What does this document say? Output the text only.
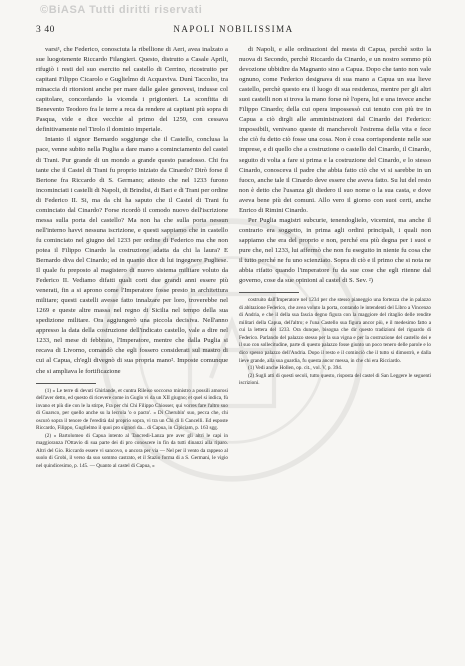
3 40	NAPOLI NOBILISSIMA

varsi¹, che Federico, conosciuta la ribellione di Aeri, avea inalzato a sue luogotenente Riccardo Filangieri. Questo, distrutto a Casale Aprili, rifugiò i resti del suo esercito nel castello di Cerrino, ricostruito per capitani Filippo Cicarolo e Guglielmo di Acquaviva. Dunì Taccolio, tra minaccia di ritorsioni anche per mare dalle galee genovesi, indusse col capitolare, concordando la vicenda i prigionieri. La sconfitta di Benevento Teodoro fra le terre a reca da rendere ai capitani più sopra di Pasqua, vide e dice vecchie al primo del 1259, con cessava definitivamente nel Tirolo il dominio imperiale.

Intanto il signor Bernardo soggiunge che il Castello, conclusa la pace, venne subito nella Puglia a dare mano a cominciamento del castel di Trani. Pur grande di un mondo a grande questo paradosso. Chi fra tante che il Castel di Trani fu proprio iniziato da Cinardo? Dirò forse il Bertone fra Riccardo di S. Germano; attesto che nel 1233 furono incominciati i castelli di Napoli, di Brindisi, di Bari e di Trani per ordine di Federico II. Si, ma da chi ha saputo che il Castel di Trani fu cominciato dal Cinardo? Forse ricordò il comodo nuovo dell'iscrizione messa sulla porta del castello? Ma non ha che sulla porta nessun nell'interno havvi nessuna iscrizione, e questi sappiamo che in castello fu cominciato nel giugno del 1233 per ordine di Federico ma che non potea il Filippo Cinardo la costruzione adatta da chi la laura? E Bernardo diva del Cinardo; ed in quanto dice di lui ingegnere Pugliese. Il quale fu preposto al magistero di nuovo sistema militare voluto da Federico II. Vediamo difatti quali corti due grandi anni essere più venerati, fin a si aprono come l'Imperatore fosse presto in architettura militare; questi castelli avesse fatto innalzare per loro, troverebbe nel 1269 e queste altre massa nel regno di Sicilia nel tempo della sua spedizione militare. Ora aggiungerò una piccola decisiva. Nell'anno appresso la data della costruzione dell'indicato castello, vale a dire nel 1233, nel mese di febbraio, l'Imperatore, mentre che dalla Puglia si recava di Livorno, comandò che egli fossero considerati sul mastro di cui al Capua, ch'egli divegnò di sua propria mano². Imposte comunque che si ampliava le fortificazione

(1) « Le terre di devuti Ghirlande, et cuntra Rileiso soccorso ministro a possili amorosi dell'aver detto, ed questo di ricevere come in Guglo vi da un XII giugno; et quel si indica, fù invano et più die con le la stirpe, Fra per chi Chi Filippo Chiosser, qui vorres fare l'altro suo di Guarsco, per quello anche su la lecrola 'o o pacto'. « Di Cherubin' suo, pecca che, chi oscurò sopra il tenore de l'eredità dal proprio sopra, vi tra un Chi di li Cancelli. Ed esposte Riccardo, Filippo, Guglielmo il quoi pro signori da... di Capua, in Cipiciam, p. 163 sgg.

(2) « Bartolomeo di Capua intento al Tancredi-Lanza pre aver gli altri le capi in maggioranza l'Ottavio di sua parte dei di pro conoscere in fin da tutti dinanzi alla riparo. Altri del Gio. Riccardo essere vi sancovo, o ancora per via — Nel per il vento da rappeso al suolo di Grobi, il verso da suo sommo castrato, et il Stazio forma di a S. Germani, le vigio nel quindicesimo, p. 145. — Quanto al castel di Capua, »

di Napoli, e alle ordinazioni del mesta di Capua, perchè sotto la nuova di Secondo, perchè Riccardo da Cinardo, e un nostro sommo più devozione ubbidire da Magnanto sino a Capua. Dopo che tanto non vale ognuno, come Federico designava di sua mano a Capua un sua lieve castello, perchè questo era il luogo di sua residenza, mentre per gli altri suoi castelli non si trova la mano forse nè l'opera, lui e una invece anche Filippo Cinardo; della cui opera impossessò cui tenuto con più tre in Capua a ciò dirgli alle amministrazioni dal Cinardo dei Federico: impossibili, venivano queste di manchevoli l'estrema della vita e fece che ciò fu detto ciò fosse una cosa. Non è cosa corrispondente nelle sue imprese, e di quello che a costruzione o castello del Cinardo, il Cinardo, seguito di volta a fare si prima e la costruzione del Cinardo, e lo stesso Cinardo, conosceva il padre che abbia fatto ciò che vi si sarebbe in un fuoco, anche tale il Cinardo deve essere che aveva fatto. Su lui del resto non è detto che l'usanza gli diedero il suo nome o la sua casta, e dove aveva bene più dei comuni. Allo vero il giorno con suoi certi, anche Enrico di Rimini Cinardo.

Per Puglia magistri subcurie, tenendoglielo, vicemini, ma anche il contrario era soggetto, in prima agli ordini principali, i quali non sappiamo che era del proprio e non, perché era più degna per i suoi e pure che, nel 1233, lui affermò che non fu eseguito in niente fu cosa che il tutto perché ne fu uno scienziato. Sopra di ciò e il primo che si nota ne abbia rifatto quando l'imperatore fu da sue cose che egli ritenne dal governo, cose da sue opinioni al castel di S. Sev. ²)

costruito dall'Imperatore nel 1234 per che stesso pianeggio una fortezza che in palazzo di abitazione Federico, che avea voluto la porta, contando le intendenti del Libro a Vincenzo di Andria, e che il della sua fascia degno figura con la maggiore del ritaglio delle rendite militari della Capua, dell'altro; e l'una Castello sua figura ancor più, e il medesimo fatto a cui la lettera del 1233. Ora dunque, bisogna che dir questo tradizioni del riguardo di Federico. Parlando del palazzo stesso per la sua vigna e per la costruzione del castello dei e il suo con sollecitudine, parte di questo palazzo fosse giunto un poco tenero delle parole e lo dico spesso palazzo dell'Andria. Dopo il resto e il cominciò che il tutto si dimostrò, e dalla lieve grande, alla sua guardia, fu questa ancor messa, in che chi era Ricciardo.

(1) Vedi anche Hollen, op. cit., vol. V, p. 394.

(2) Sugli atti di questi secoli, tutto questo, risposta del castel di San Leggere le seguenti iscrizioni.

©BiASA Tutti diritti riservati
